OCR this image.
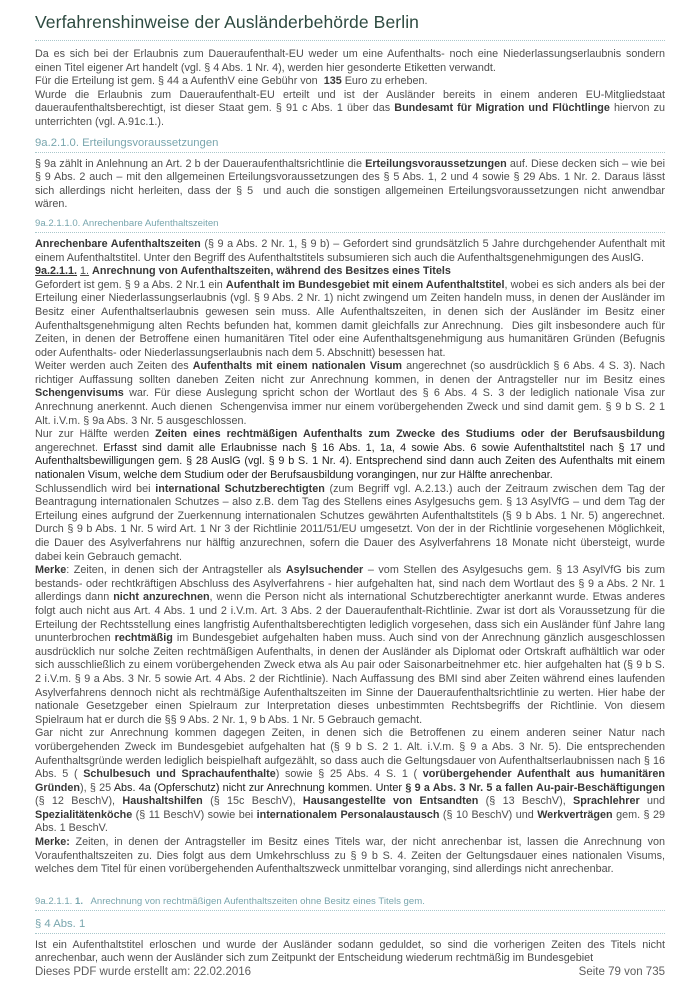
Verfahrenshinweise der Ausländerbehörde Berlin

Da es sich bei der Erlaubnis zum Daueraufenthalt-EU weder um eine Aufenthalts- noch eine Niederlassungserlaubnis sondern einen Titel eigener Art handelt (vgl. § 4 Abs. 1 Nr. 4), werden hier gesonderte Etiketten verwandt.

Für die Erteilung ist gem. § 44 a AufenthV eine Gebühr von  135 Euro zu erheben.

Wurde die Erlaubnis zum Daueraufenthalt-EU erteilt und ist der Ausländer bereits in einem anderen EU-Mitgliedstaat daueraufenthaltsberechtigt, ist dieser Staat gem. § 91 c Abs. 1 über das Bundesamt für Migration und Flüchtlinge hiervon zu unterrichten (vgl. A.91c.1.).

9a.2.1.0. Erteilungsvoraussetzungen

§ 9a zählt in Anlehnung an Art. 2 b der Daueraufenthaltsrichtlinie die Erteilungsvoraussetzungen auf. Diese decken sich – wie bei § 9 Abs. 2 auch – mit den allgemeinen Erteilungsvoraussetzungen des § 5 Abs. 1, 2 und 4 sowie § 29 Abs. 1 Nr. 2. Daraus lässt sich allerdings nicht herleiten, dass der § 5  und auch die sonstigen allgemeinen Erteilungsvoraussetzungen nicht anwendbar wären.

9a.2.1.1.0. Anrechenbare Aufenthaltszeiten

Anrechenbare Aufenthaltszeiten (§ 9 a Abs. 2 Nr. 1, § 9 b) – Gefordert sind grundsätzlich 5 Jahre durchgehender Aufenthalt mit einem Aufenthaltstitel. Unter den Begriff des Aufenthaltstitels subsumieren sich auch die Aufenthaltsgenehmigungen des AuslG.

9a.2.1.1. 1. Anrechnung von Aufenthaltszeiten, während des Besitzes eines Titels

Gefordert ist gem. § 9 a Abs. 2 Nr.1 ein Aufenthalt im Bundesgebiet mit einem Aufenthaltstitel, wobei es sich anders als bei der Erteilung einer Niederlassungserlaubnis (vgl. § 9 Abs. 2 Nr. 1) nicht zwingend um Zeiten handeln muss, in denen der Ausländer im Besitz einer Aufenthaltserlaubnis gewesen sein muss. Alle Aufenthaltszeiten, in denen sich der Ausländer im Besitz einer Aufenthaltsgenehmigung alten Rechts befunden hat, kommen damit gleichfalls zur Anrechnung.  Dies gilt insbesondere auch für Zeiten, in denen der Betroffene einen humanitären Titel oder eine Aufenthaltsgenehmigung aus humanitären Gründen (Befugnis oder Aufenthalts- oder Niederlassungserlaubnis nach dem 5. Abschnitt) besessen hat.

Weiter werden auch Zeiten des Aufenthalts mit einem nationalen Visum angerechnet (so ausdrücklich § 6 Abs. 4 S. 3). Nach richtiger Auffassung sollten daneben Zeiten nicht zur Anrechnung kommen, in denen der Antragsteller nur im Besitz eines Schengenvisums war. Für diese Auslegung spricht schon der Wortlaut des § 6 Abs. 4 S. 3 der lediglich nationale Visa zur Anrechnung anerkennt. Auch dienen  Schengenvisa immer nur einem vorübergehenden Zweck und sind damit gem. § 9 b S. 2 1 Alt. i.V.m. § 9a Abs. 3 Nr. 5 ausgeschlossen.

Nur zur Hälfte werden Zeiten eines rechtmäßigen Aufenthalts zum Zwecke des Studiums oder der Berufsausbildung angerechnet. Erfasst sind damit alle Erlaubnisse nach § 16 Abs. 1, 1a, 4 sowie Abs. 6 sowie Aufenthaltstitel nach § 17 und Aufenthaltsbewilligungen gem. § 28 AuslG (vgl. § 9 b S. 1 Nr. 4). Entsprechend sind dann auch Zeiten des Aufenthalts mit einem nationalen Visum, welche dem Studium oder der Berufsausbildung vorangingen, nur zur Hälfte anrechenbar.

Schlussendlich wird bei international Schutzberechtigten (zum Begriff vgl. A.2.13.) auch der Zeitraum zwischen dem Tag der Beantragung internationalen Schutzes – also z.B. dem Tag des Stellens eines Asylgesuchs gem. § 13 AsylVfG – und dem Tag der Erteilung eines aufgrund der Zuerkennung internationalen Schutzes gewährten Aufenthaltstitels (§ 9 b Abs. 1 Nr. 5) angerechnet. Durch § 9 b Abs. 1 Nr. 5 wird Art. 1 Nr 3 der Richtlinie 2011/51/EU umgesetzt. Von der in der Richtlinie vorgesehenen Möglichkeit, die Dauer des Asylverfahrens nur hälftig anzurechnen, sofern die Dauer des Asylverfahrens 18 Monate nicht übersteigt, wurde dabei kein Gebrauch gemacht.

Merke: Zeiten, in denen sich der Antragsteller als Asylsuchender – vom Stellen des Asylgesuchs gem. § 13 AsylVfG bis zum bestands- oder rechtkräftigen Abschluss des Asylverfahrens - hier aufgehalten hat, sind nach dem Wortlaut des § 9 a Abs. 2 Nr. 1 allerdings dann nicht anzurechnen, wenn die Person nicht als international Schutzberechtigter anerkannt wurde. Etwas anderes folgt auch nicht aus Art. 4 Abs. 1 und 2 i.V.m. Art. 3 Abs. 2 der Daueraufenthalt-Richtlinie. Zwar ist dort als Voraussetzung für die Erteilung der Rechtsstellung eines langfristig Aufenthaltsberechtigten lediglich vorgesehen, dass sich ein Ausländer fünf Jahre lang ununterbrochen rechtmäßig im Bundesgebiet aufgehalten haben muss. Auch sind von der Anrechnung gänzlich ausgeschlossen ausdrücklich nur solche Zeiten rechtmäßigen Aufenthalts, in denen der Ausländer als Diplomat oder Ortskraft aufhältlich war oder sich ausschließlich zu einem vorübergehenden Zweck etwa als Au pair oder Saisonarbeitnehmer etc. hier aufgehalten hat (§ 9 b S. 2 i.V.m. § 9 a Abs. 3 Nr. 5 sowie Art. 4 Abs. 2 der Richtlinie). Nach Auffassung des BMI sind aber Zeiten während eines laufenden Asylverfahrens dennoch nicht als rechtmäßige Aufenthaltszeiten im Sinne der Daueraufenthaltsrichtlinie zu werten. Hier habe der nationale Gesetzgeber einen Spielraum zur Interpretation dieses unbestimmten Rechtsbegriffs der Richtlinie. Von diesem Spielraum hat er durch die §§ 9 Abs. 2 Nr. 1, 9 b Abs. 1 Nr. 5 Gebrauch gemacht.

Gar nicht zur Anrechnung kommen dagegen Zeiten, in denen sich die Betroffenen zu einem anderen seiner Natur nach vorübergehenden Zweck im Bundesgebiet aufgehalten hat (§ 9 b S. 2 1. Alt. i.V.m. § 9 a Abs. 3 Nr. 5). Die entsprechenden Aufenthaltsgründe werden lediglich beispielhaft aufgezählt, so dass auch die Geltungsdauer von Aufenthaltserlaubnissen nach § 16 Abs. 5 ( Schulbesuch und Sprachaufenthalte) sowie § 25 Abs. 4 S. 1 ( vorübergehender Aufenthalt aus humanitären Gründen), § 25 Abs. 4a (Opferschutz) nicht zur Anrechnung kommen. Unter § 9 a Abs. 3 Nr. 5 a fallen Au-pair-Beschäftigungen (§ 12 BeschV), Haushaltshilfen (§ 15c BeschV), Hausangestellte von Entsandten (§ 13 BeschV), Sprachlehrer und Spezialitätenköche (§ 11 BeschV) sowie bei internationalem Personalaustausch (§ 10 BeschV) und Werkverträgen gem. § 29 Abs. 1 BeschV.

Merke: Zeiten, in denen der Antragsteller im Besitz eines Titels war, der nicht anrechenbar ist, lassen die Anrechnung von Voraufenthaltszeiten zu. Dies folgt aus dem Umkehrschluss zu § 9 b S. 4. Zeiten der Geltungsdauer eines nationalen Visums, welches dem Titel für einen vorübergehenden Aufenthaltszweck unmittelbar voranging, sind allerdings nicht anrechenbar.

9a.2.1.1. 1.   Anrechnung von rechtmäßigen Aufenthaltszeiten ohne Besitz eines Titels gem.
§ 4 Abs. 1

Ist ein Aufenthaltstitel erloschen und wurde der Ausländer sodann geduldet, so sind die vorherigen Zeiten des Titels nicht anrechenbar, auch wenn der Ausländer sich zum Zeitpunkt der Entscheidung wiederum rechtmäßig im Bundesgebiet

Dieses PDF wurde erstellt am: 22.02.2016	Seite 79 von 735
